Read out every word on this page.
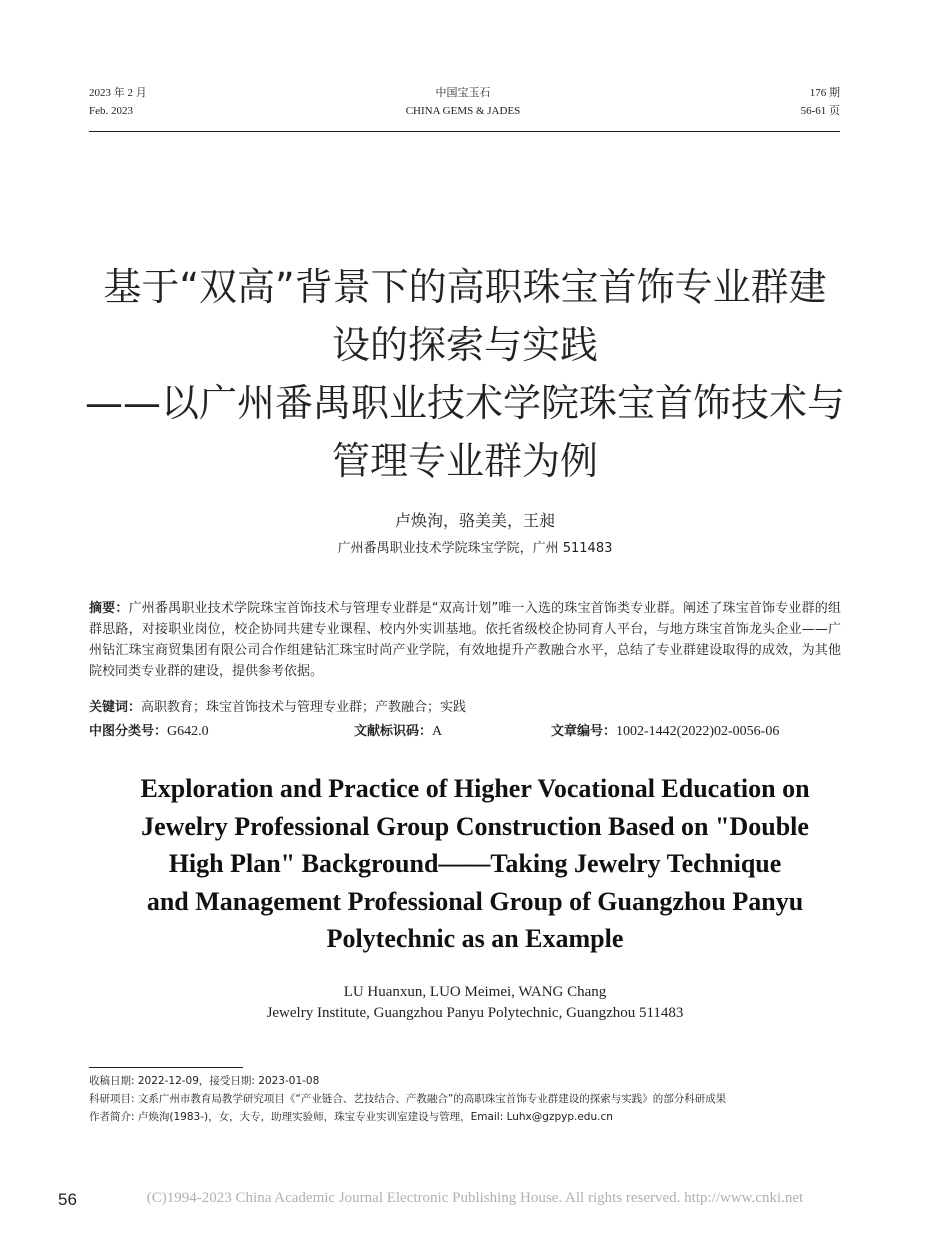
2023 年 2 月
Feb. 2023
中国宝玉石
CHINA GEMS & JADES
176 期
56-61 页
基于“双高”背景下的高职珠宝首饰专业群建
设的探索与实践
——以广州番禺职业技术学院珠宝首饰技术与
管理专业群为例
卢焕洵，骆美美，王昶
广州番禺职业技术学院珠宝学院，广州 511483
摘要：广州番禺职业技术学院珠宝首饰技术与管理专业群是“双高计划”唯一入选的珠宝首饰类专业群。阐述了珠宝首饰专业群的组群思路，对接职业岗位，校企协同共建专业课程、校内外实训基地。依托省级校企协同育人平台，与地方珠宝首饰龙头企业——广州钻汇珠宝商贸集团有限公司合作组建钻汇珠宝时尚产业学院，有效地提升产教融合水平，总结了专业群建设取得的成效，为其他院校同类专业群的建设，提供参考依据。
关键词：高职教育；珠宝首饰技术与管理专业群；产教融合；实践
中图分类号：G642.0	文献标识码：A	文章编号：1002-1442(2022)02-0056-06
Exploration and Practice of Higher Vocational Education on
Jewelry Professional Group Construction Based on "Double
High Plan" Background——Taking Jewelry Technique
and Management Professional Group of Guangzhou Panyu
Polytechnic as an Example
LU Huanxun, LUO Meimei, WANG Chang
Jewelry Institute, Guangzhou Panyu Polytechnic, Guangzhou 511483
收稿日期: 2022-12-09，接受日期: 2023-01-08
科研项目: 文系广州市教育局教学研究项目《“产业链合、艺技结合、产教融合”的高职珠宝首饰专业群建设的探索与实践》的部分科研成果
作者简介: 卢焕洵(1983-)，女，大专，助理实验师，珠宝专业实训室建设与管理，Email: Luhx@gzpyp.edu.cn
(C)1994-2023 China Academic Journal Electronic Publishing House. All rights reserved. http://www.cnki.net
56
